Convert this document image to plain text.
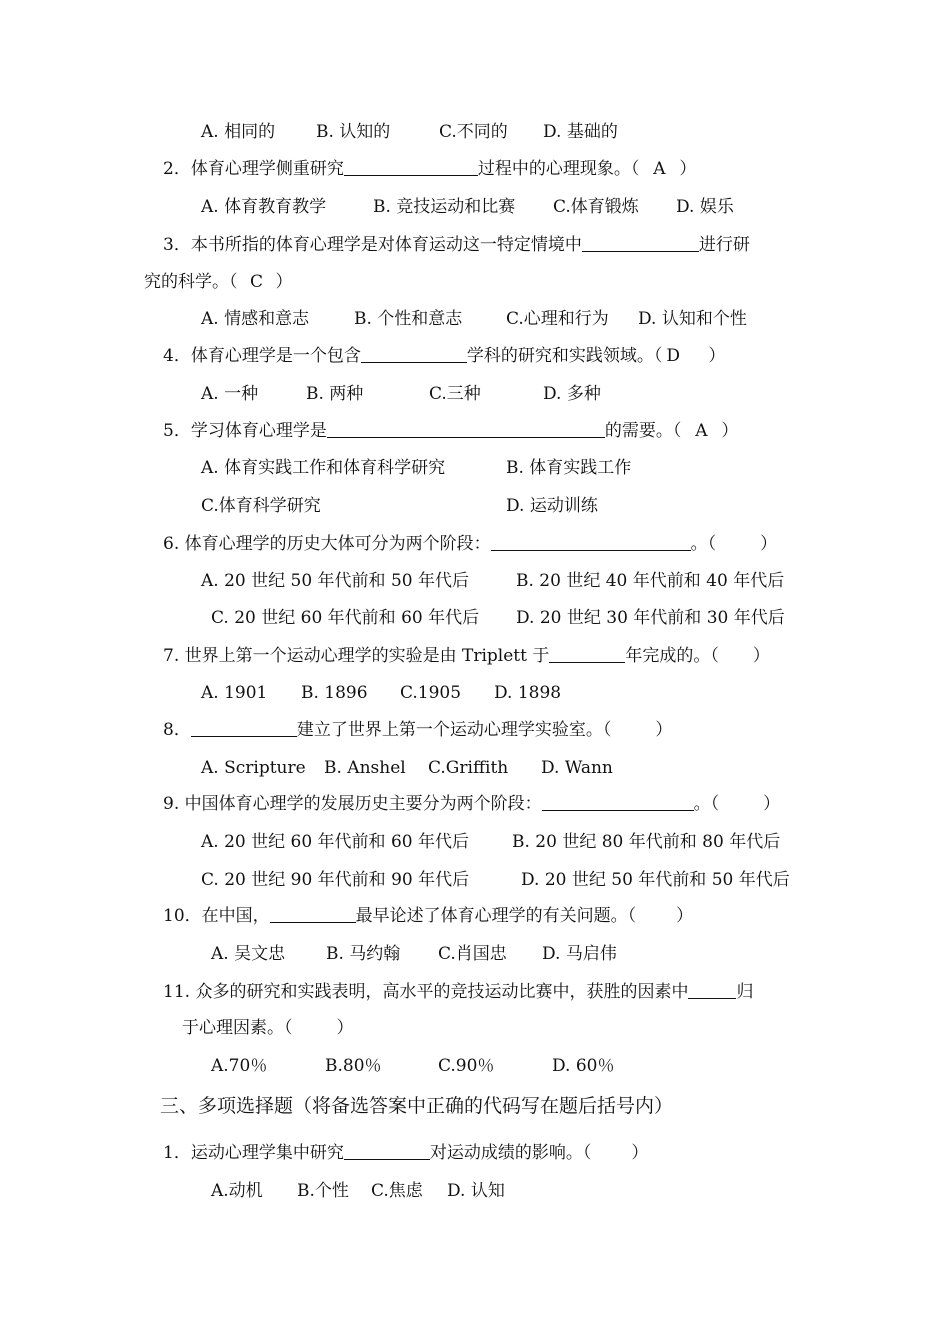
A. 相同的 B. 认知的	C.不同的 D. 基础的
2．体育心理学侧重研究	过程中的心理现象。（ A ）
A. 体育教育教学	B. 竞技运动和比赛 C.体育锻炼 D. 娱乐
3．本书所指的体育心理学是对体育运动这一特定情境中	进行研
究的科学。（ C ）
A. 情感和意志	B. 个性和意志	C.心理和行为 D. 认知和个性
4．体育心理学是一个包含	学科的研究和实践领域。（ D ）
A. 一种	B. 两种	C.三种	D. 多种
5．学习体育心理学是	的需要。（ A ）
A. 体育实践工作和体育科学研究	B. 体育实践工作
C.体育科学研究	D. 运动训练
6. 体育心理学的历史大体可分为两个阶段：	。（	）
A. 20 世纪 50 年代前和 50 年代后	B. 20 世纪 40 年代前和 40 年代后
C. 20 世纪 60 年代前和 60 年代后 D. 20 世纪 30 年代前和 30 年代后
7. 世界上第一个运动心理学的实验是由 Triplett 于	年完成的。（ ）
A. 1901 B. 1896 C.1905 D. 1898
8．	建立了世界上第一个运动心理学实验室。（	）
A. Scripture B. Anshel C.Griffith D. Wann
9. 中国体育心理学的发展历史主要分为两个阶段：	。（	）
A. 20 世纪 60 年代前和 60 年代后	B. 20 世纪 80 年代前和 80 年代后
C. 20 世纪 90 年代前和 90 年代后	D. 20 世纪 50 年代前和 50 年代后
10．在中国，	最早论述了体育心理学的有关问题。（ ）
A. 吴文忠 B. 马约翰 C.肖国忠 D. 马启伟
11. 众多的研究和实践表明，高水平的竞技运动比赛中，获胜的因素中	归
于心理因素。（	）
A.70％	B.80％	C.90％	D. 60％
三、多项选择题（将备选答案中正确的代码写在题后括号内）
1．运动心理学集中研究	对运动成绩的影响。（ ）
A.动机 B.个性 C.焦虑 D. 认知
